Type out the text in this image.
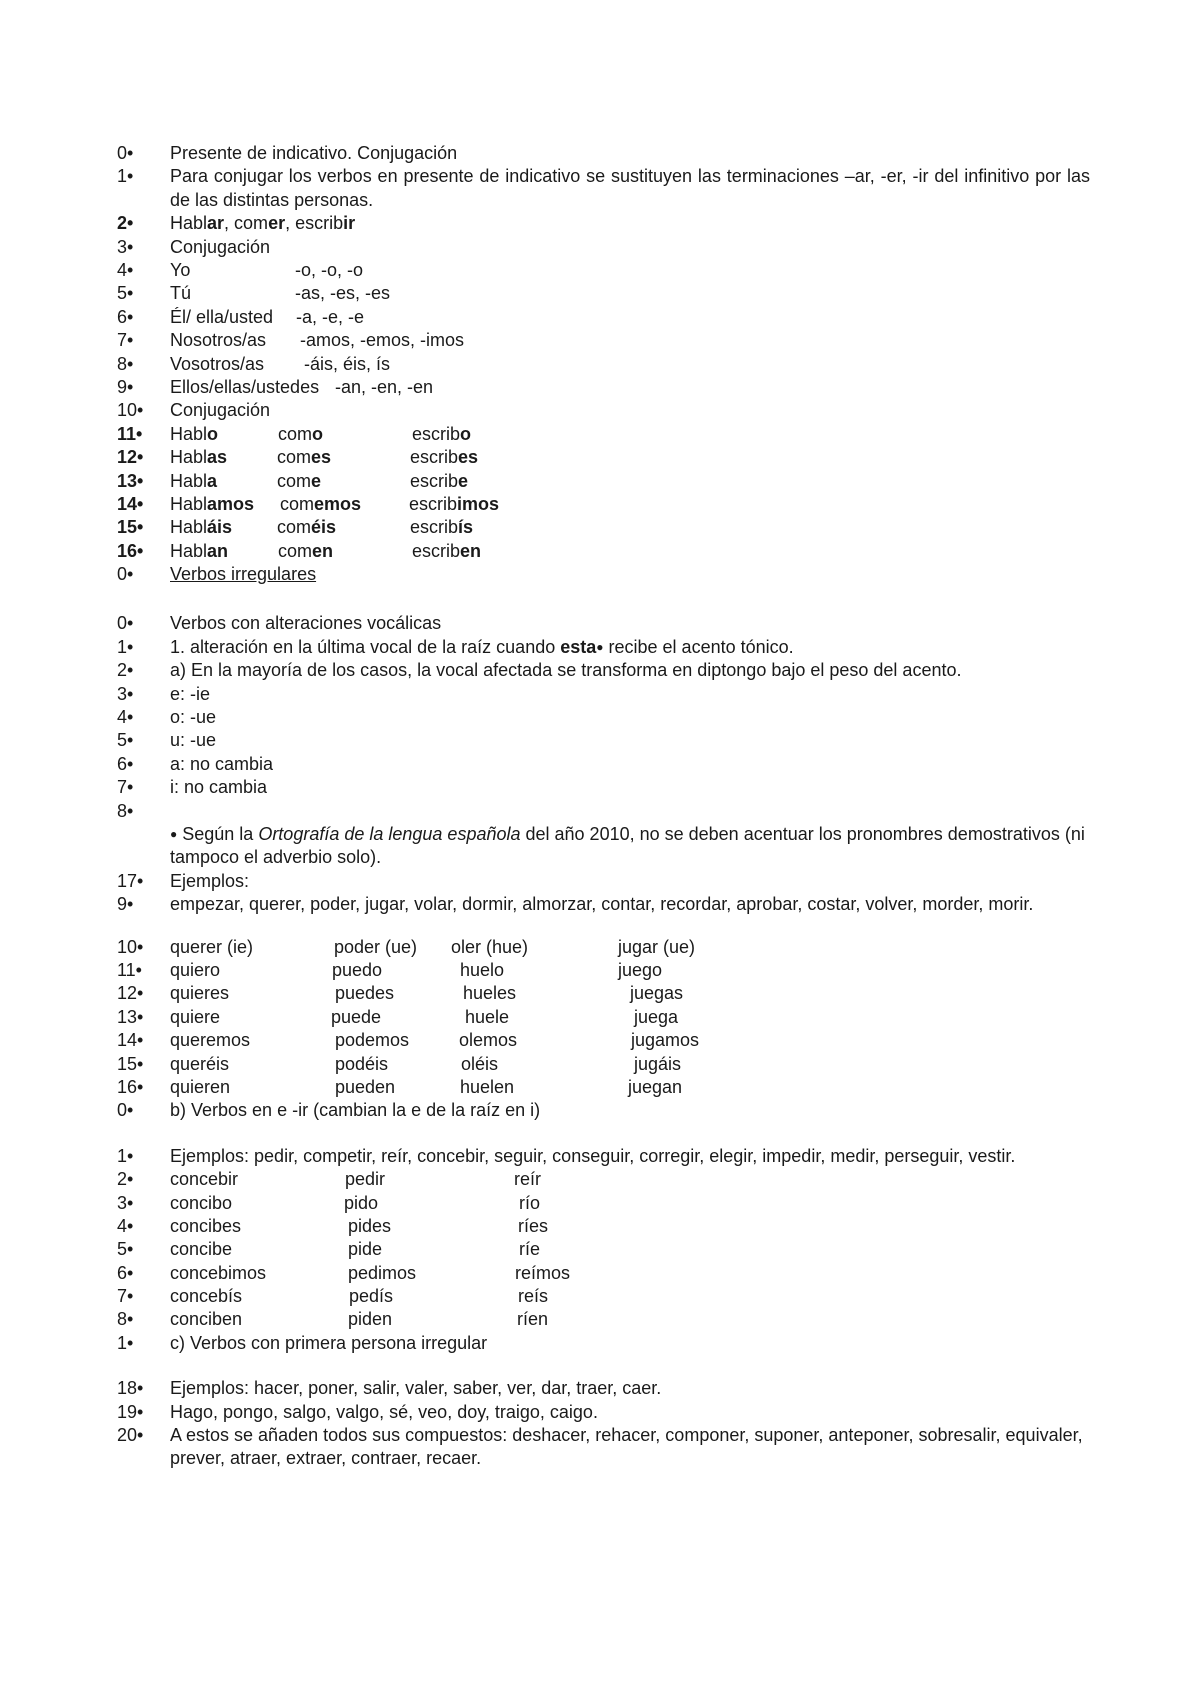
0•	Presente de indicativo. Conjugación
1•	Para conjugar los verbos en presente de indicativo se sustituyen las terminaciones –ar, -er, -ir del infinitivo por las de las distintas personas.
2•	Hablar, comer, escribir
3•	Conjugación
4•	Yo	-o, -o, -o
5•	Tú	-as, -es, -es
6•	Él/ ella/usted -a, -e, -e
7•	Nosotros/as -amos, -emos, -imos
8•	Vosotros/as -áis, éis, ís
9•	Ellos/ellas/ustedes -an, -en, -en
10•	Conjugación
11•	Hablo	como	escribo
12•	Hablas	comes	escribes
13•	Habla	come	escribe
14•	Hablamos comemos	escribimos
15•	Habláis coméis	escribís
16•	Hablan	comen	escriben
0•	Verbos irregulares
0•	Verbos con alteraciones vocálicas
1•	1. alteración en la última vocal de la raíz cuando esta● recibe el acento tónico.
2•	a) En la mayoría de los casos, la vocal afectada se transforma en diptongo bajo el peso del acento.
3•	e: -ie
4•	o: -ue
5•	u: -ue
6•	a: no cambia
7•	i: no cambia
8•
● Según la Ortografía de la lengua española del año 2010, no se deben acentuar los pronombres demostrativos (ni tampoco el adverbio solo).
17•	Ejemplos:
9•	empezar, querer, poder, jugar, volar, dormir, almorzar, contar, recordar, aprobar, costar, volver, morder, morir.
10•	querer (ie)	poder (ue) oler (hue)	jugar (ue)
11•	quiero	puedo	huelo	juego
12•	quieres	puedes	hueles	juegas
13•	quiere	puede	huele	juega
14•	queremos	podemos	olemos	jugamos
15•	queréis	podéis	oléis	jugáis
16•	quieren	pueden	huelen	juegan
0•	b) Verbos en e -ir (cambian la e de la raíz en i)
1•	Ejemplos: pedir, competir, reír, concebir, seguir, conseguir, corregir, elegir, impedir, medir, perseguir, vestir.
2•	concebir	pedir	reír
3•	concibo	pido	río
4•	concibes	pides	ríes
5•	concibe	pide	ríe
6•	concebimos	pedimos	reímos
7•	concebís	pedís	reís
8•	conciben	piden	ríen
1•	c) Verbos con primera persona irregular
18•	Ejemplos: hacer, poner, salir, valer, saber, ver, dar, traer, caer.
19•	Hago, pongo, salgo, valgo, sé, veo, doy, traigo, caigo.
20•	A estos se añaden todos sus compuestos: deshacer, rehacer, componer, suponer, anteponer, sobresalir, equivaler, prever, atraer, extraer, contraer, recaer.
